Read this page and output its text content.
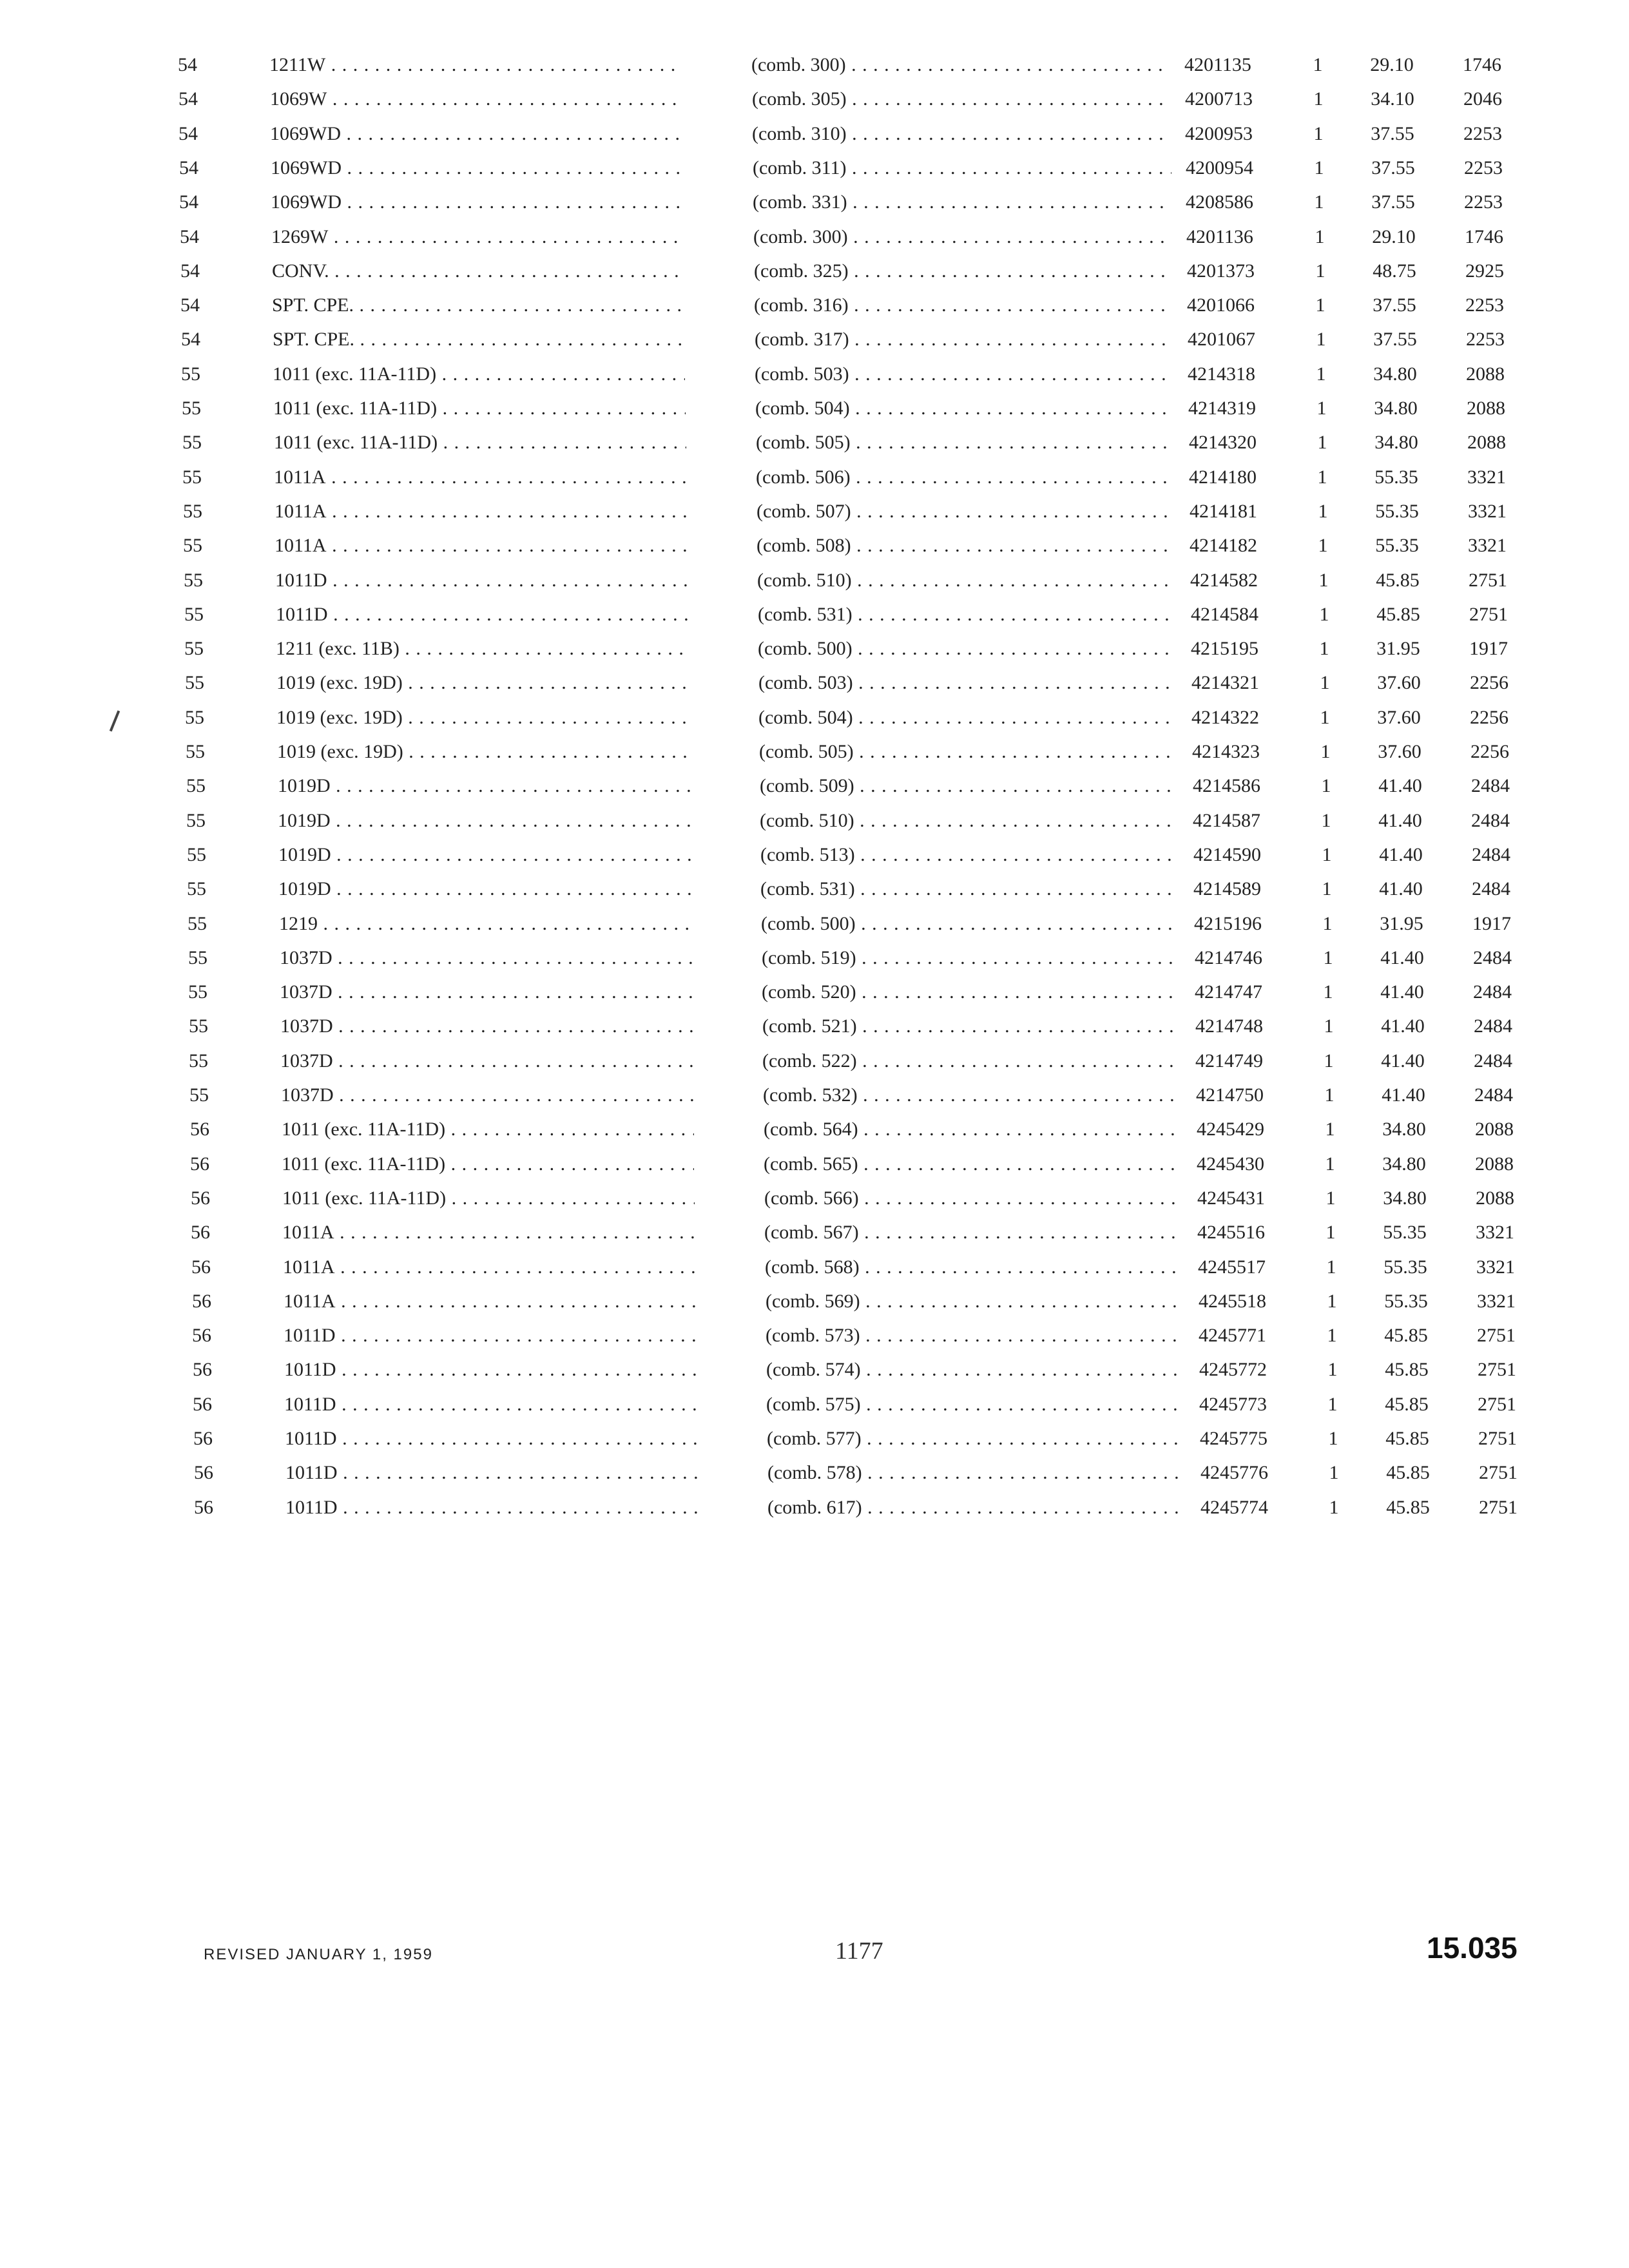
54	1211W . . .	(comb. 300) . . .	4201135	1	29.10	1746
54	1069W . . .	(comb. 305) . . .	4200713	1	34.10	2046
54	1069WD . . .	(comb. 310) . . .	4200953	1	37.55	2253
54	1069WD . . .	(comb. 311) . . .	4200954	1	37.55	2253
54	1069WD . . .	(comb. 331) . . .	4208586	1	37.55	2253
54	1269W . . .	(comb. 300) . . .	4201136	1	29.10	1746
54	CONV. . . .	(comb. 325) . . .	4201373	1	48.75	2925
54	SPT. CPE. . . .	(comb. 316) . . .	4201066	1	37.55	2253
54	SPT. CPE. . . .	(comb. 317) . . .	4201067	1	37.55	2253
55	1011 (exc. 11A-11D) . . .	(comb. 503) . . .	4214318	1	34.80	2088
55	1011 (exc. 11A-11D) . . .	(comb. 504) . . .	4214319	1	34.80	2088
55	1011 (exc. 11A-11D) . . .	(comb. 505) . . .	4214320	1	34.80	2088
55	1011A . . .	(comb. 506) . . .	4214180	1	55.35	3321
55	1011A . . .	(comb. 507) . . .	4214181	1	55.35	3321
55	1011A . . .	(comb. 508) . . .	4214182	1	55.35	3321
55	1011D . . .	(comb. 510) . . .	4214582	1	45.85	2751
55	1011D . . .	(comb. 531) . . .	4214584	1	45.85	2751
55	1211 (exc. 11B) . . .	(comb. 500) . . .	4215195	1	31.95	1917
55	1019 (exc. 19D) . . .	(comb. 503) . . .	4214321	1	37.60	2256
55	1019 (exc. 19D) . . .	(comb. 504) . . .	4214322	1	37.60	2256
55	1019 (exc. 19D) . . .	(comb. 505) . . .	4214323	1	37.60	2256
55	1019D . . .	(comb. 509) . . .	4214586	1	41.40	2484
55	1019D . . .	(comb. 510) . . .	4214587	1	41.40	2484
55	1019D . . .	(comb. 513) . . .	4214590	1	41.40	2484
55	1019D . . .	(comb. 531) . . .	4214589	1	41.40	2484
55	1219 . . .	(comb. 500) . . .	4215196	1	31.95	1917
55	1037D . . .	(comb. 519) . . .	4214746	1	41.40	2484
55	1037D . . .	(comb. 520) . . .	4214747	1	41.40	2484
55	1037D . . .	(comb. 521) . . .	4214748	1	41.40	2484
55	1037D . . .	(comb. 522) . . .	4214749	1	41.40	2484
55	1037D . . .	(comb. 532) . . .	4214750	1	41.40	2484
56	1011 (exc. 11A-11D) . . .	(comb. 564) . . .	4245429	1	34.80	2088
56	1011 (exc. 11A-11D) . . .	(comb. 565) . . .	4245430	1	34.80	2088
56	1011 (exc. 11A-11D) . . .	(comb. 566) . . .	4245431	1	34.80	2088
56	1011A . . .	(comb. 567) . . .	4245516	1	55.35	3321
56	1011A . . .	(comb. 568) . . .	4245517	1	55.35	3321
56	1011A . . .	(comb. 569) . . .	4245518	1	55.35	3321
56	1011D . . .	(comb. 573) . . .	4245771	1	45.85	2751
56	1011D . . .	(comb. 574) . . .	4245772	1	45.85	2751
56	1011D . . .	(comb. 575) . . .	4245773	1	45.85	2751
56	1011D . . .	(comb. 577) . . .	4245775	1	45.85	2751
56	1011D . . .	(comb. 578) . . .	4245776	1	45.85	2751
56	1011D . . .	(comb. 617) . . .	4245774	1	45.85	2751
REVISED JANUARY 1, 1959	1177	15.035
